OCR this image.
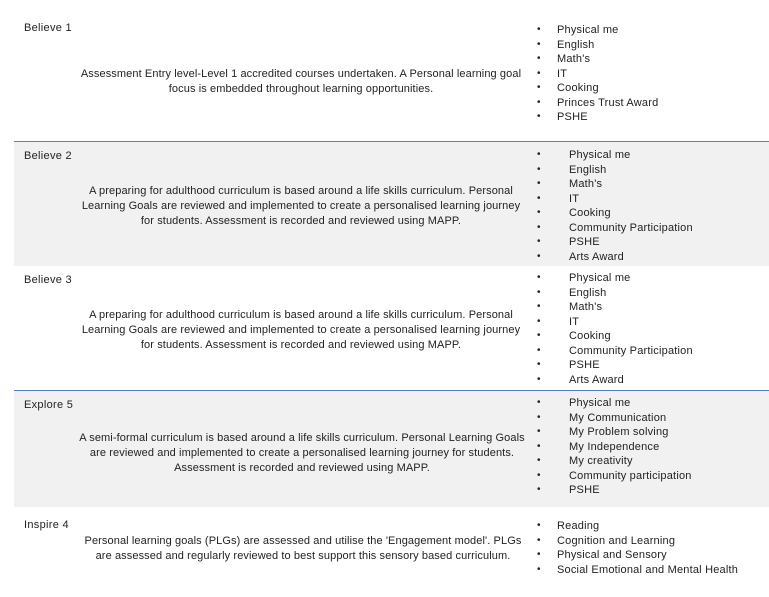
Believe 1
Assessment Entry level-Level 1 accredited courses undertaken. A Personal learning goal focus is embedded throughout learning opportunities.
• Physical me
• English
• Math's
• IT
• Cooking
• Princes Trust Award
• PSHE
Believe 2
A preparing for adulthood curriculum is based around a life skills curriculum. Personal Learning Goals are reviewed and implemented to create a personalised learning journey for students. Assessment is recorded and reviewed using MAPP.
• Physical me
• English
• Math's
• IT
• Cooking
• Community Participation
• PSHE
• Arts Award
Believe 3
A preparing for adulthood curriculum is based around a life skills curriculum. Personal Learning Goals are reviewed and implemented to create a personalised learning journey for students. Assessment is recorded and reviewed using MAPP.
• Physical me
• English
• Math's
• IT
• Cooking
• Community Participation
• PSHE
• Arts Award
Explore 5
A semi-formal curriculum is based around a life skills curriculum. Personal Learning Goals are reviewed and implemented to create a personalised learning journey for students. Assessment is recorded and reviewed using MAPP.
• Physical me
• My Communication
• My Problem solving
• My Independence
• My creativity
• Community participation
• PSHE
Inspire 4
Personal learning goals (PLGs) are assessed and utilise the 'Engagement model'. PLGs are assessed and regularly reviewed to best support this sensory based curriculum.
• Reading
• Cognition and Learning
• Physical and Sensory
• Social Emotional and Mental Health
